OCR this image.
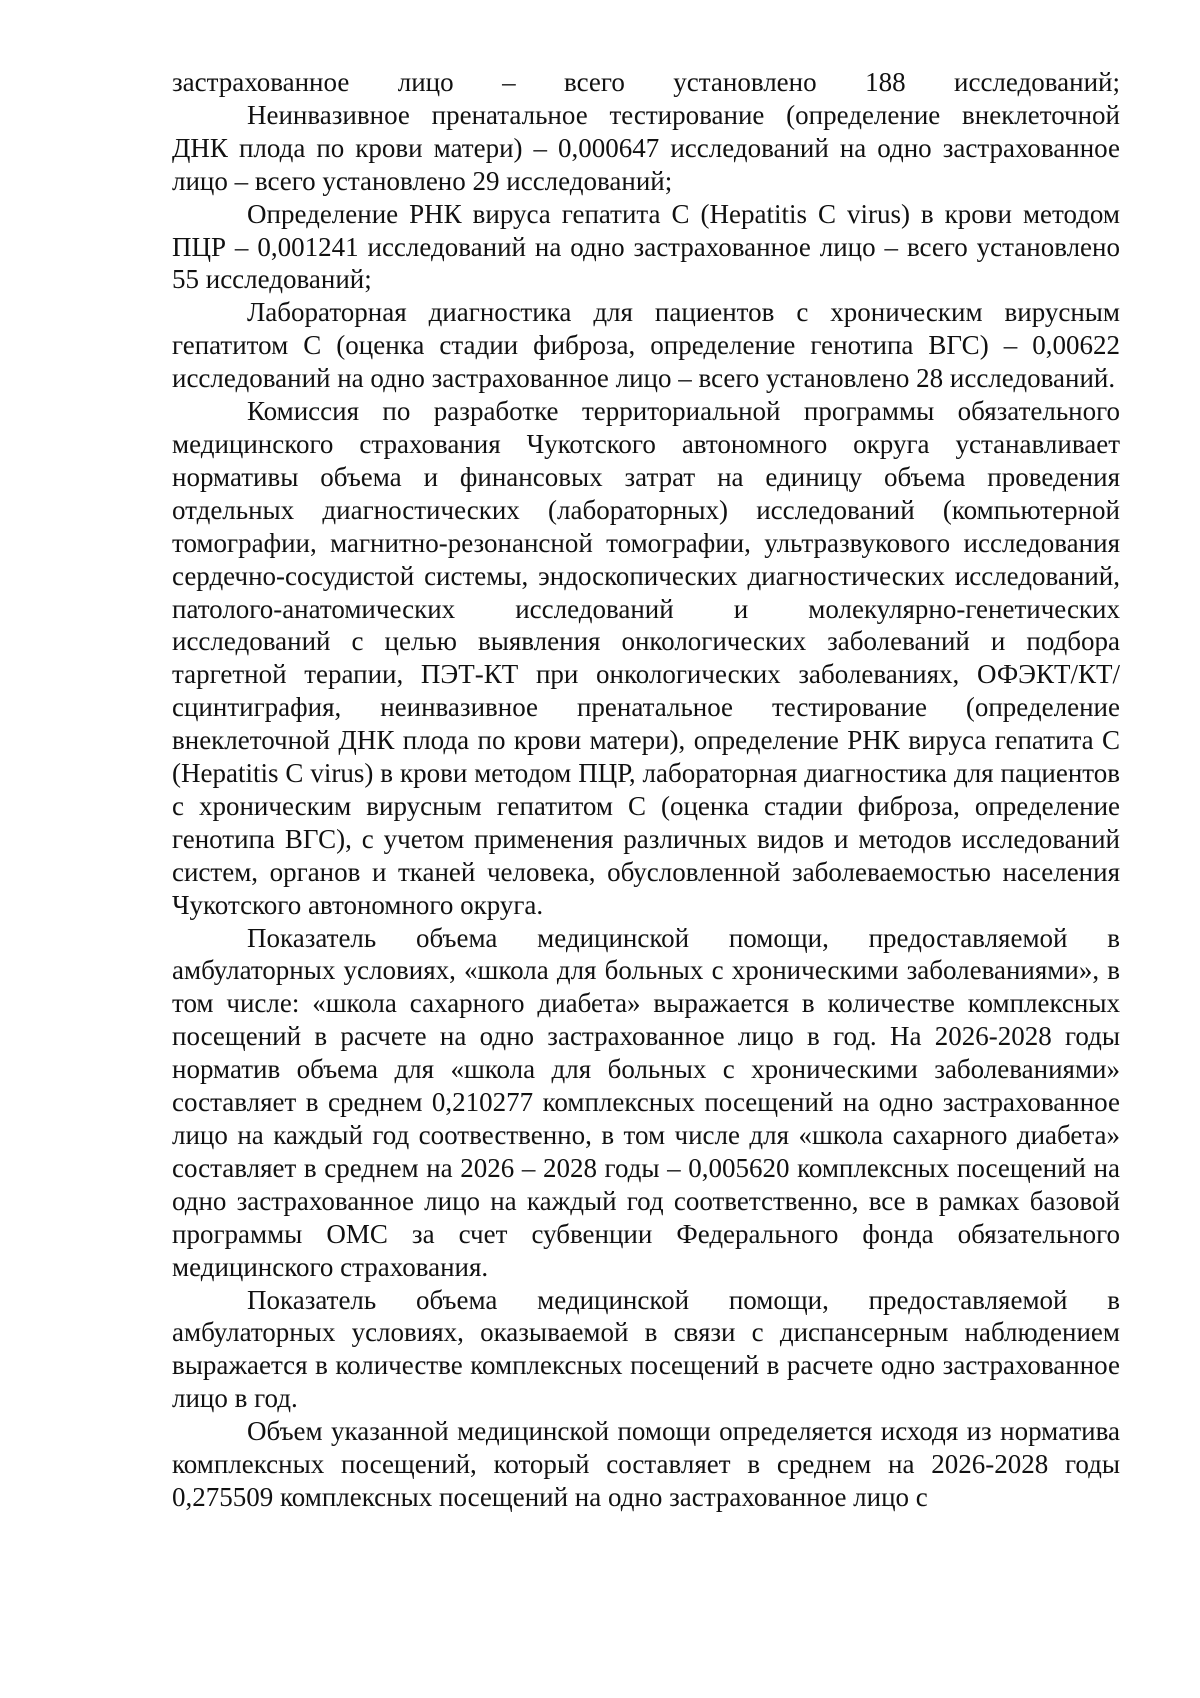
застрахованное лицо – всего установлено 188 исследований;

Неинвазивное пренатальное тестирование (определение внеклеточной ДНК плода по крови матери) – 0,000647 исследований на одно застрахованное лицо – всего установлено 29 исследований;

Определение РНК вируса гепатита С (Hepatitis C virus) в крови методом ПЦР – 0,001241 исследований на одно застрахованное лицо – всего установлено 55 исследований;

Лабораторная диагностика для пациентов с хроническим вирусным гепатитом С (оценка стадии фиброза, определение генотипа ВГС) – 0,00622 исследований на одно застрахованное лицо – всего установлено 28 исследований.

Комиссия по разработке территориальной программы обязательного медицинского страхования Чукотского автономного округа устанавливает нормативы объема и финансовых затрат на единицу объема проведения отдельных диагностических (лабораторных) исследований (компьютерной томографии, магнитно-резонансной томографии, ультразвукового исследования сердечно-сосудистой системы, эндоскопических диагностических исследований, патолого-анатомических исследований и молекулярно-генетических исследований с целью выявления онкологических заболеваний и подбора таргетной терапии, ПЭТ-КТ при онкологических заболеваниях, ОФЭКТ/КТ/сцинтиграфия, неинвазивное пренатальное тестирование (определение внеклеточной ДНК плода по крови матери), определение РНК вируса гепатита С (Hepatitis C virus) в крови методом ПЦР, лабораторная диагностика для пациентов с хроническим вирусным гепатитом С (оценка стадии фиброза, определение генотипа ВГС), с учетом применения различных видов и методов исследований систем, органов и тканей человека, обусловленной заболеваемостью населения Чукотского автономного округа.

Показатель объема медицинской помощи, предоставляемой в амбулаторных условиях, «школа для больных с хроническими заболеваниями», в том числе: «школа сахарного диабета» выражается в количестве комплексных посещений в расчете на одно застрахованное лицо в год. На 2026-2028 годы норматив объема для «школа для больных с хроническими заболеваниями» составляет в среднем 0,210277 комплексных посещений на одно застрахованное лицо на каждый год соотвественно, в том числе для «школа сахарного диабета» составляет в среднем на 2026 – 2028 годы – 0,005620 комплексных посещений на одно застрахованное лицо на каждый год соответственно, все в рамках базовой программы ОМС за счет субвенции Федерального фонда обязательного медицинского страхования.

Показатель объема медицинской помощи, предоставляемой в амбулаторных условиях, оказываемой в связи с диспансерным наблюдением выражается в количестве комплексных посещений в расчете одно застрахованное лицо в год.

Объем указанной медицинской помощи определяется исходя из норматива комплексных посещений, который составляет в среднем на 2026-2028 годы 0,275509 комплексных посещений на одно застрахованное лицо с
